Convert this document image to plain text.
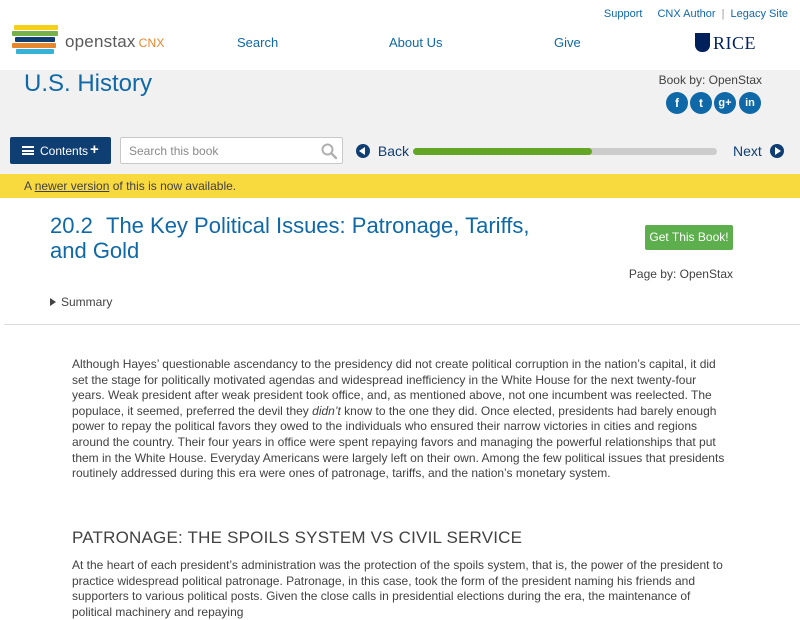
openstax CNX
Support | CNX Author | Legacy Site
Search	About Us	Give	RICE
U.S. History	Book by: OpenStax
f	t	g+	in
Contents +
Search this book	Back	Next
A newer version of this is now available.
20.2 The Key Political Issues: Patronage, Tariffs, and Gold
Get This Book!
Page by: OpenStax
Summary
Although Hayes’ questionable ascendancy to the presidency did not create political corruption in the nation’s capital, it did set the stage for politically motivated agendas and widespread inefficiency in the White House for the next twenty-four years. Weak president after weak president took office, and, as mentioned above, not one incumbent was reelected. The populace, it seemed, preferred the devil they didn’t know to the one they did. Once elected, presidents had barely enough power to repay the political favors they owed to the individuals who ensured their narrow victories in cities and regions around the country. Their four years in office were spent repaying favors and managing the powerful relationships that put them in the White House. Everyday Americans were largely left on their own. Among the few political issues that presidents routinely addressed during this era were ones of patronage, tariffs, and the nation’s monetary system.
PATRONAGE: THE SPOILS SYSTEM VS CIVIL SERVICE
At the heart of each president’s administration was the protection of the spoils system, that is, the power of the president to practice widespread political patronage. Patronage, in this case, took the form of the president naming his friends and supporters to various political posts. Given the close calls in presidential elections during the era, the maintenance of political machinery and repaying
